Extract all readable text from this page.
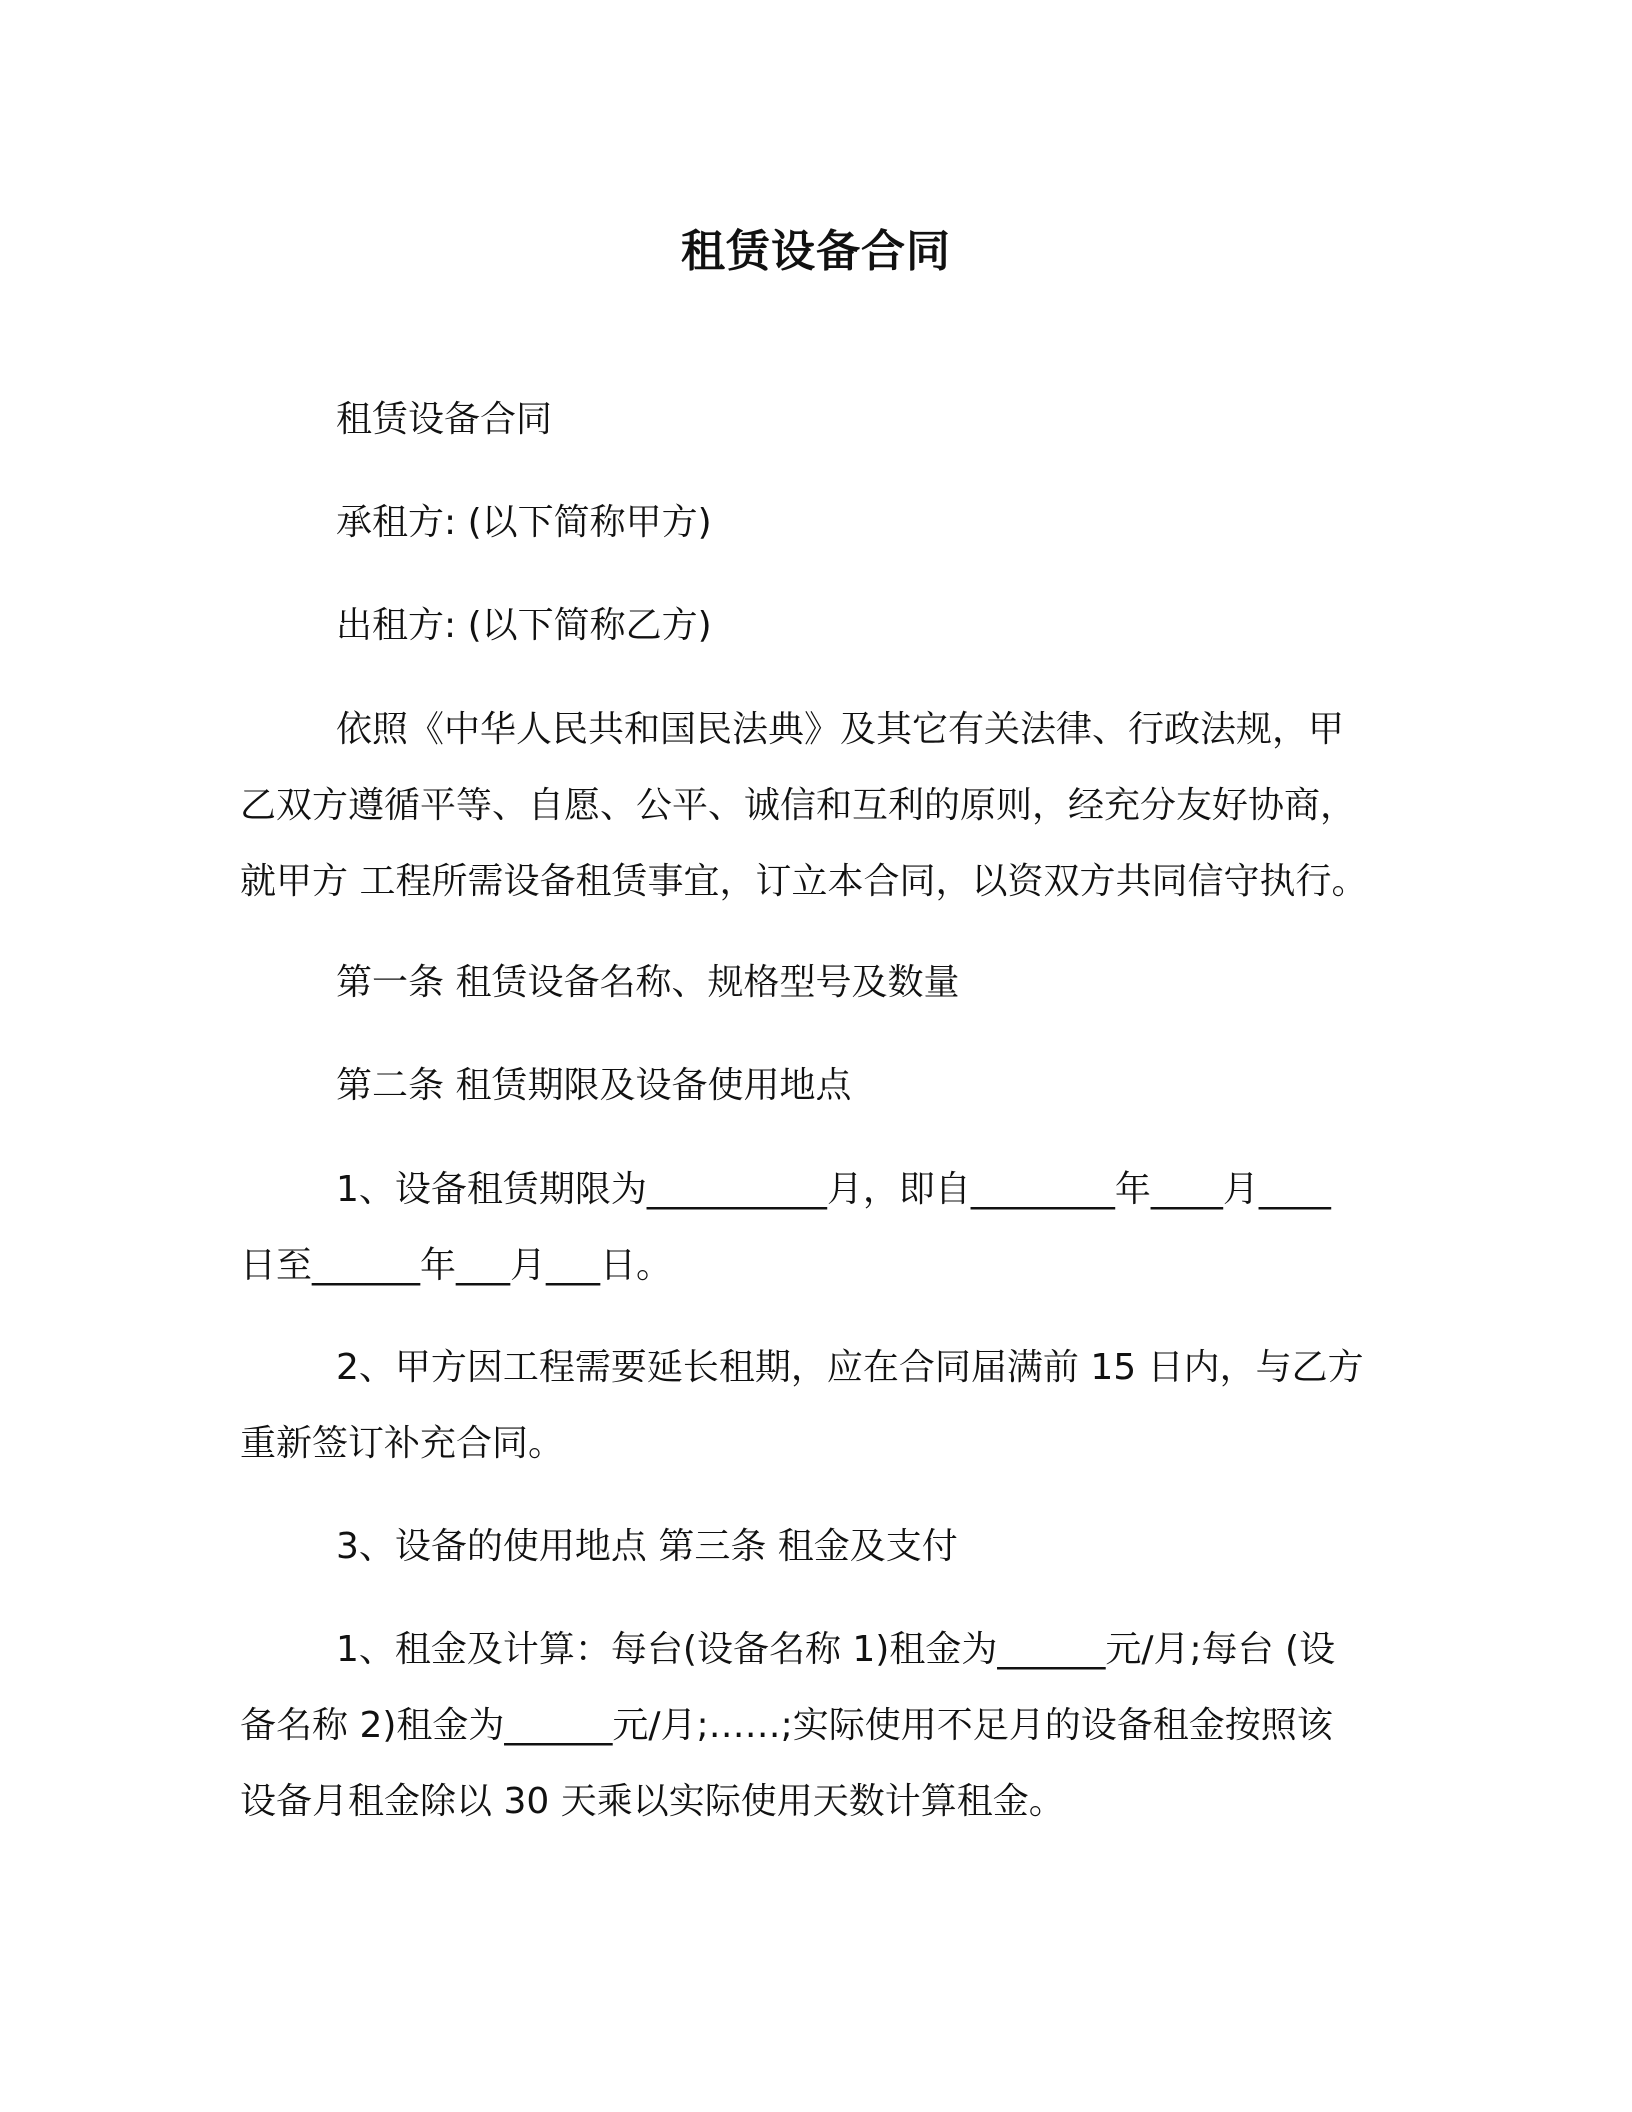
租赁设备合同

租赁设备合同

承租方: (以下简称甲方)

出租方: (以下简称乙方)

依照《中华人民共和国民法典》及其它有关法律、行政法规，甲
乙双方遵循平等、自愿、公平、诚信和互利的原则，经充分友好协商，
就甲方 工程所需设备租赁事宜，订立本合同，以资双方共同信守执行。

第一条 租赁设备名称、规格型号及数量

第二条 租赁期限及设备使用地点

1、设备租赁期限为__________月，即自________年____月____
日至______年___月___日。

2、甲方因工程需要延长租期，应在合同届满前 15 日内，与乙方
重新签订补充合同。

3、设备的使用地点 第三条 租金及支付

1、租金及计算：每台(设备名称 1)租金为______元/月;每台 (设
备名称 2)租金为______元/月;……;实际使用不足月的设备租金按照该
设备月租金除以 30 天乘以实际使用天数计算租金。
